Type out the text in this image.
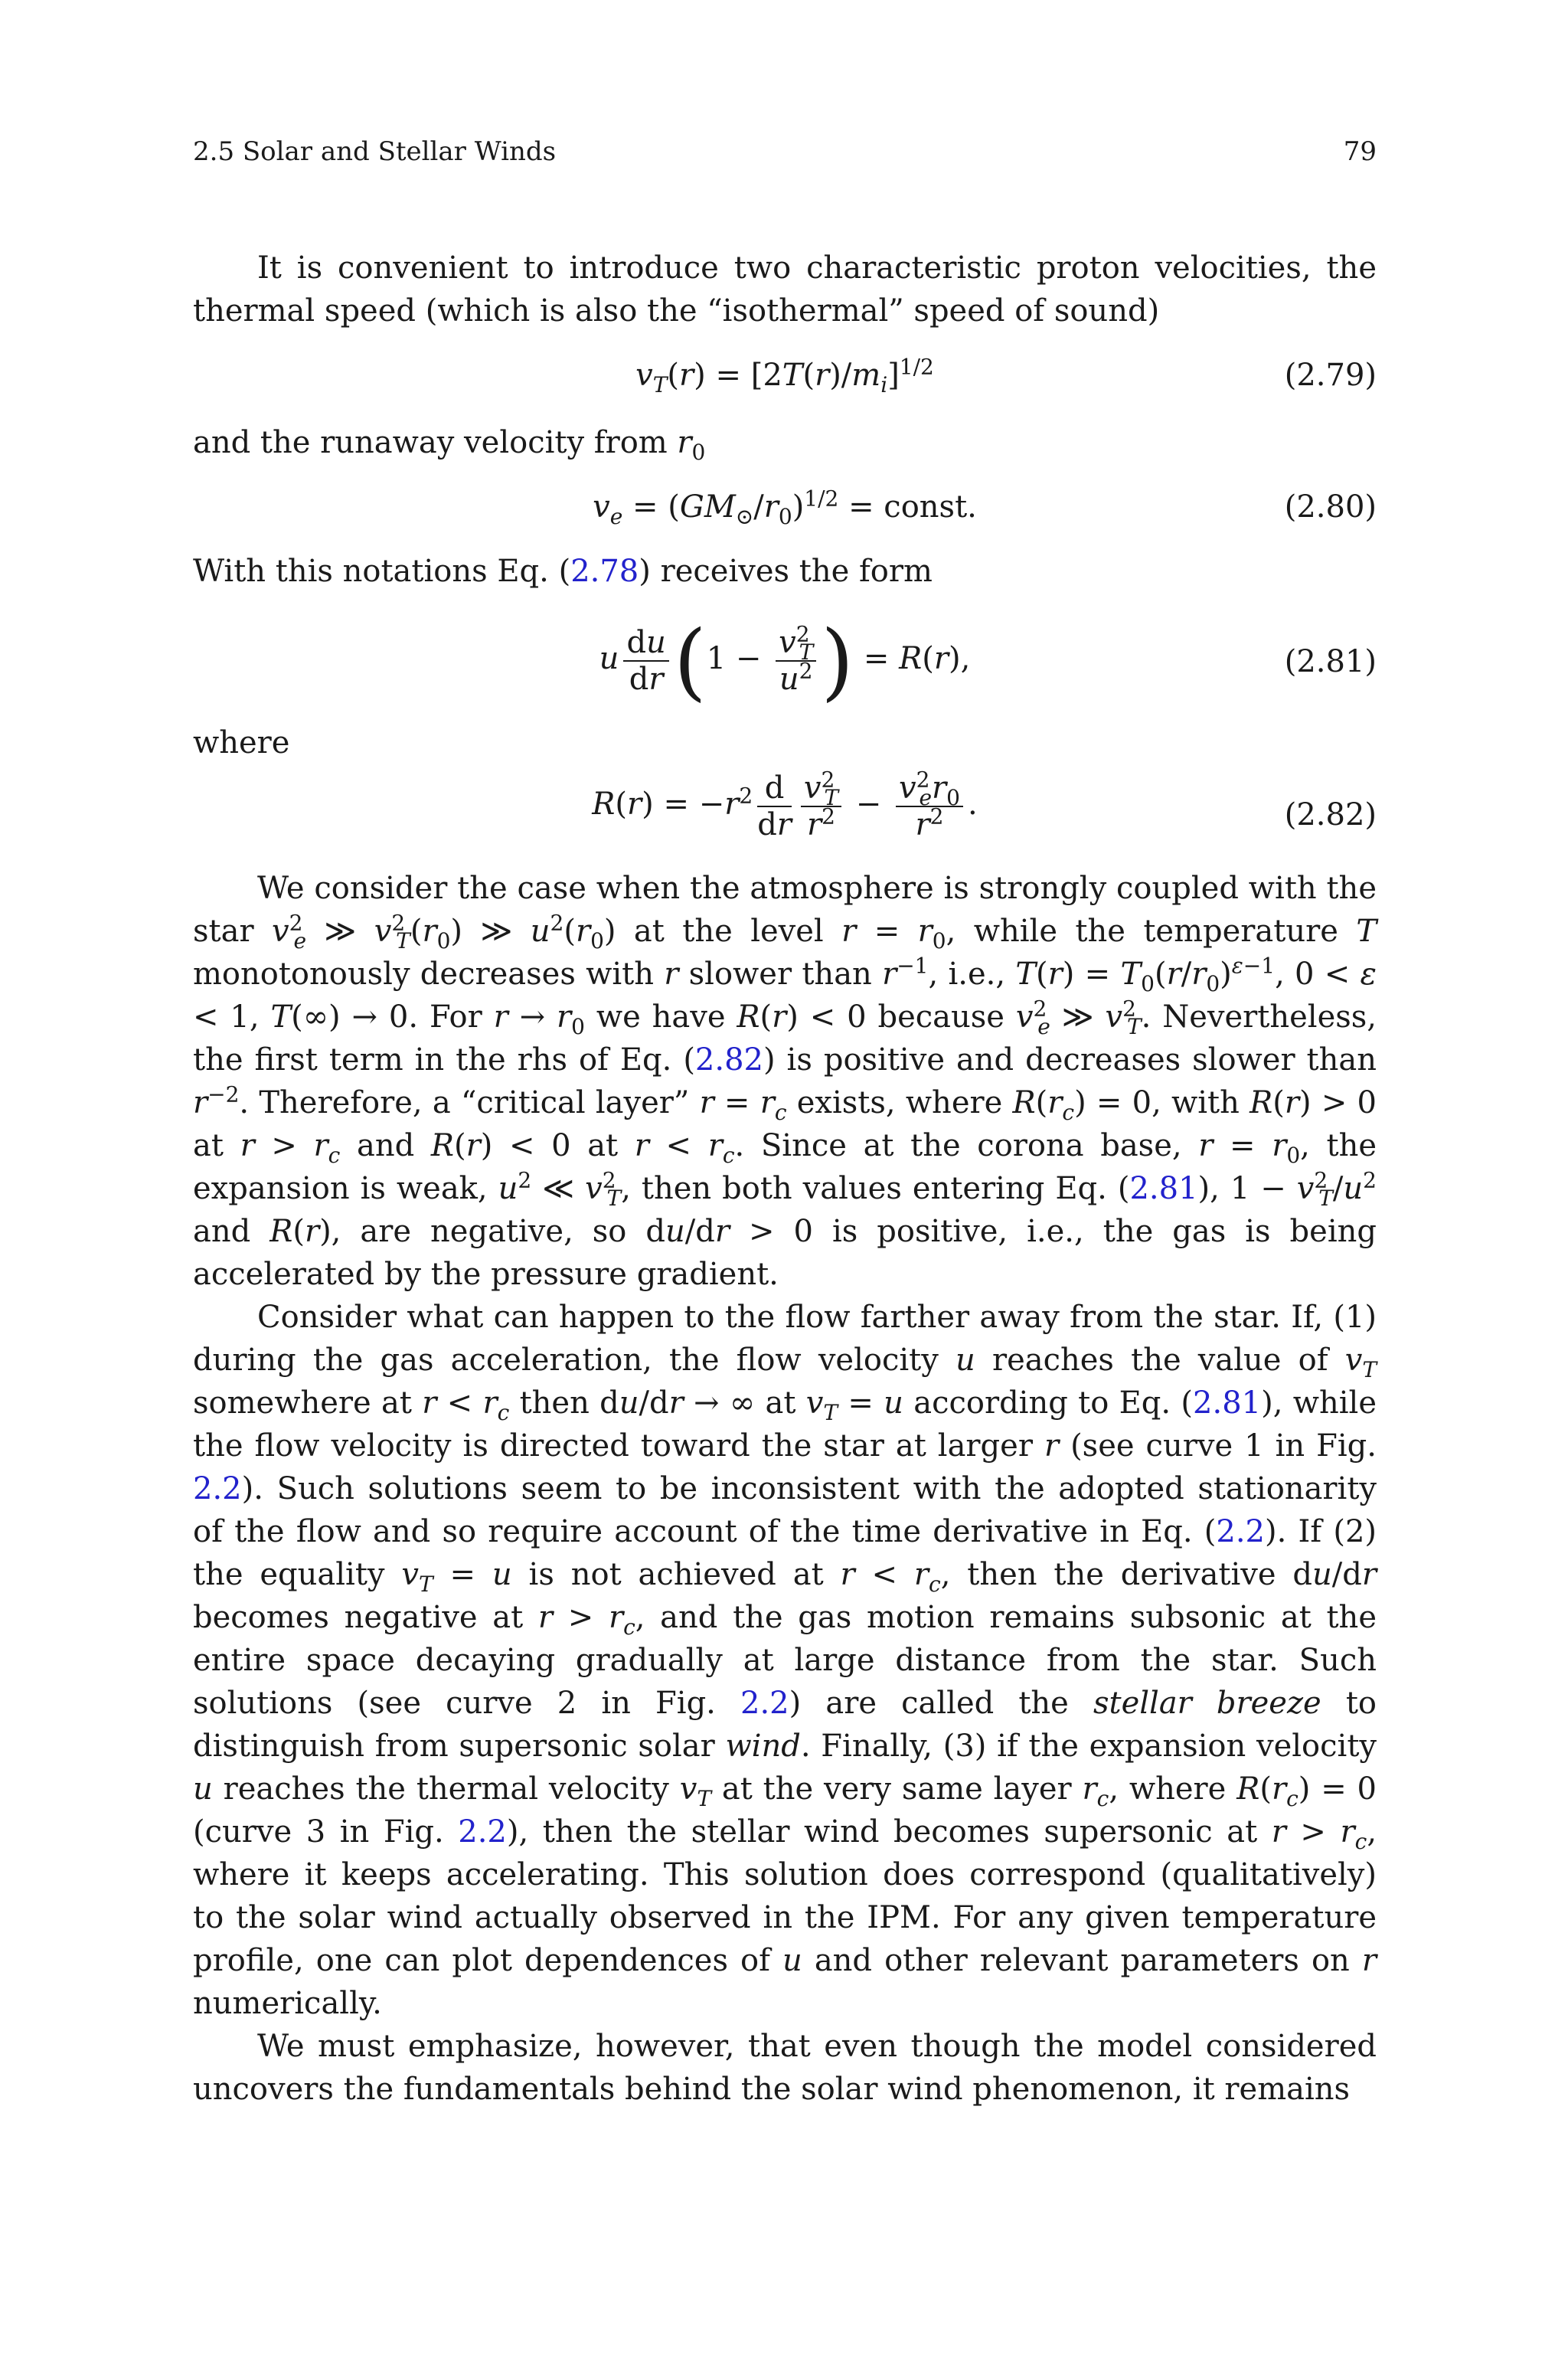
2.5 Solar and Stellar Winds	79

It is convenient to introduce two characteristic proton velocities, the thermal speed (which is also the “isothermal” speed of sound)

$v_T(r) = [2T(r)/m_i]^{1/2}$	(2.79)

and the runaway velocity from $r_0$

$v_e = (GM_⊙/r_0)^{1/2}$ = const.	(2.80)

With this notations Eq. (2.78) receives the form

u $\frac{du}{dr} (1 - \frac{v^2_T}{u^2}$ ) = R(r),	(2.81)

where

$R(r) = -r^2 \frac{d}{dr} \frac{v^2_T}{r^2} - \frac{v^2_er_0}{r^2}$ .	(2.82)

We consider the case when the atmosphere is strongly coupled with the star $v^2_e$ ≫ $v^2_T(r_0)$ ≫ $u^2(r_0)$ at the level $r = r_0$, while the temperature T monotonously decreases with r slower than $r^{-1}$, i.e., $T(r) = T_0(r/r_0)^{\varepsilon-1}$, 0 < ε < 1, T(∞) → 0. For $r \to r_0$ we have R(r) < 0 because $v^2_e$ ≫ $v^2_T$. Nevertheless, the first term in the rhs of Eq. (2.82) is positive and decreases slower than $r^{-2}$. Therefore, a “critical layer” $r = r_c$ exists, where $R(r_c) = 0$, with R(r) > 0 at $r > r_c$ and R(r) < 0 at $r < r_c$. Since at the corona base, $r = r_0$, the expansion is weak, $u^2$ ≪ $v^2_T$, then both values entering Eq. (2.81), $1 - v^2_T/u^2$ and R(r), are negative, so du/dr > 0 is positive, i.e., the gas is being accelerated by the pressure gradient.

Consider what can happen to the flow farther away from the star. If, (1) during the gas acceleration, the flow velocity u reaches the value of $v_T$ somewhere at $r < r_c$ then du/dr → ∞ at $v_T = u$ according to Eq. (2.81), while the flow velocity is directed toward the star at larger r (see curve 1 in Fig. 2.2). Such solutions seem to be inconsistent with the adopted stationarity of the flow and so require account of the time derivative in Eq. (2.2). If (2) the equality $v_T = u$ is not achieved at $r < r_c$, then the derivative du/dr becomes negative at $r > r_c$, and the gas motion remains subsonic at the entire space decaying gradually at large distance from the star. Such solutions (see curve 2 in Fig. 2.2) are called the stellar breeze to distinguish from supersonic solar wind. Finally, (3) if the expansion velocity u reaches the thermal velocity $v_T$ at the very same layer $r_c$, where $R(r_c) = 0$ (curve 3 in Fig. 2.2), then the stellar wind becomes supersonic at $r > r_c$, where it keeps accelerating. This solution does correspond (qualitatively) to the solar wind actually observed in the IPM. For any given temperature profile, one can plot dependences of u and other relevant parameters on r numerically.

We must emphasize, however, that even though the model considered uncovers the fundamentals behind the solar wind phenomenon, it remains
